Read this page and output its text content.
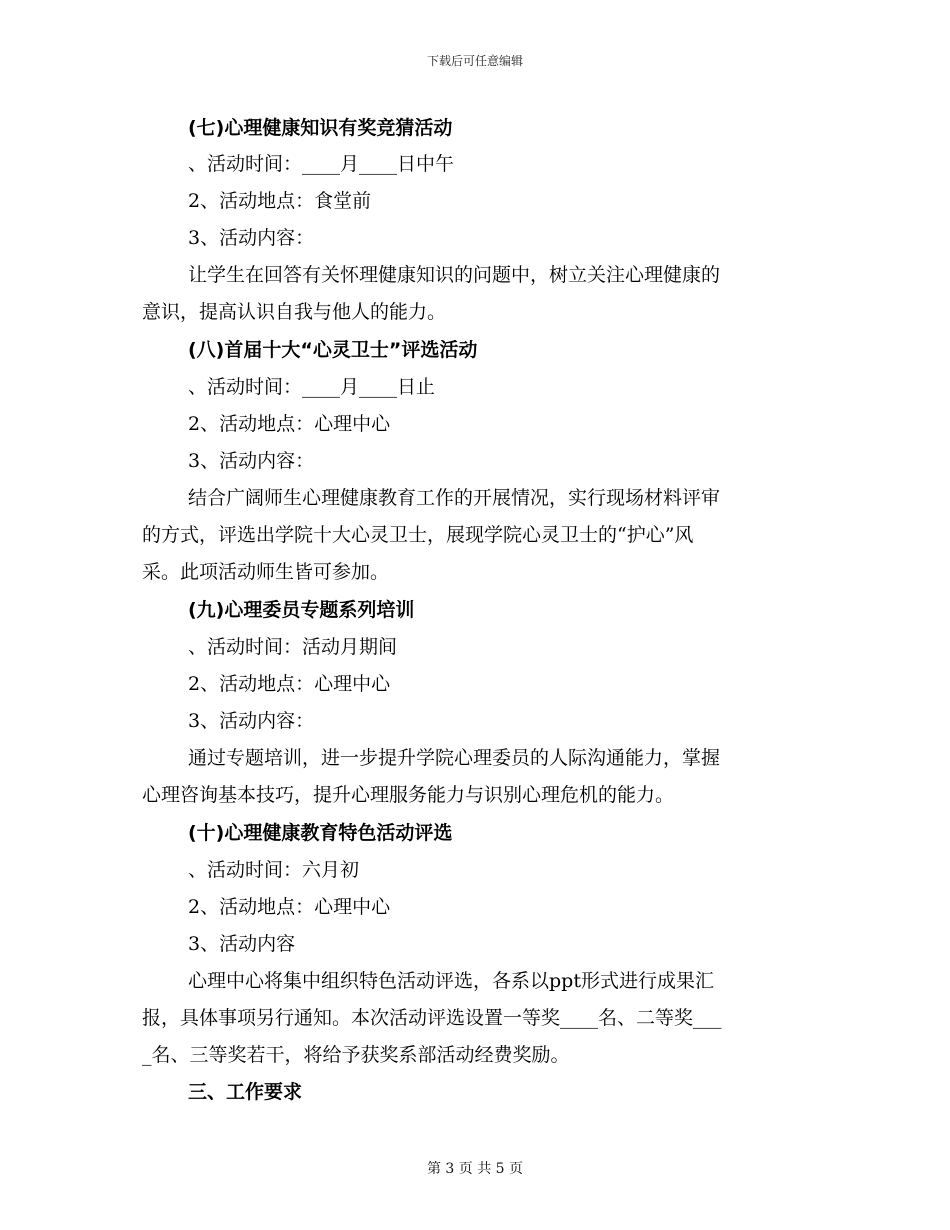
下载后可任意编辑
(七)心理健康知识有奖竞猜活动
、活动时间：____月____日中午
2、活动地点：食堂前
3、活动内容：
让学生在回答有关怀理健康知识的问题中，树立关注心理健康的
意识，提高认识自我与他人的能力。
(八)首届十大“心灵卫士”评选活动
、活动时间：____月____日止
2、活动地点：心理中心
3、活动内容：
结合广阔师生心理健康教育工作的开展情况，实行现场材料评审
的方式，评选出学院十大心灵卫士，展现学院心灵卫士的“护心”风
采。此项活动师生皆可参加。
(九)心理委员专题系列培训
、活动时间：活动月期间
2、活动地点：心理中心
3、活动内容：
通过专题培训，进一步提升学院心理委员的人际沟通能力，掌握
心理咨询基本技巧，提升心理服务能力与识别心理危机的能力。
(十)心理健康教育特色活动评选
、活动时间：六月初
2、活动地点：心理中心
3、活动内容
心理中心将集中组织特色活动评选，各系以ppt形式进行成果汇
报，具体事项另行通知。本次活动评选设置一等奖____名、二等奖___
_名、三等奖若干，将给予获奖系部活动经费奖励。
三、工作要求
第 3 页 共 5 页
